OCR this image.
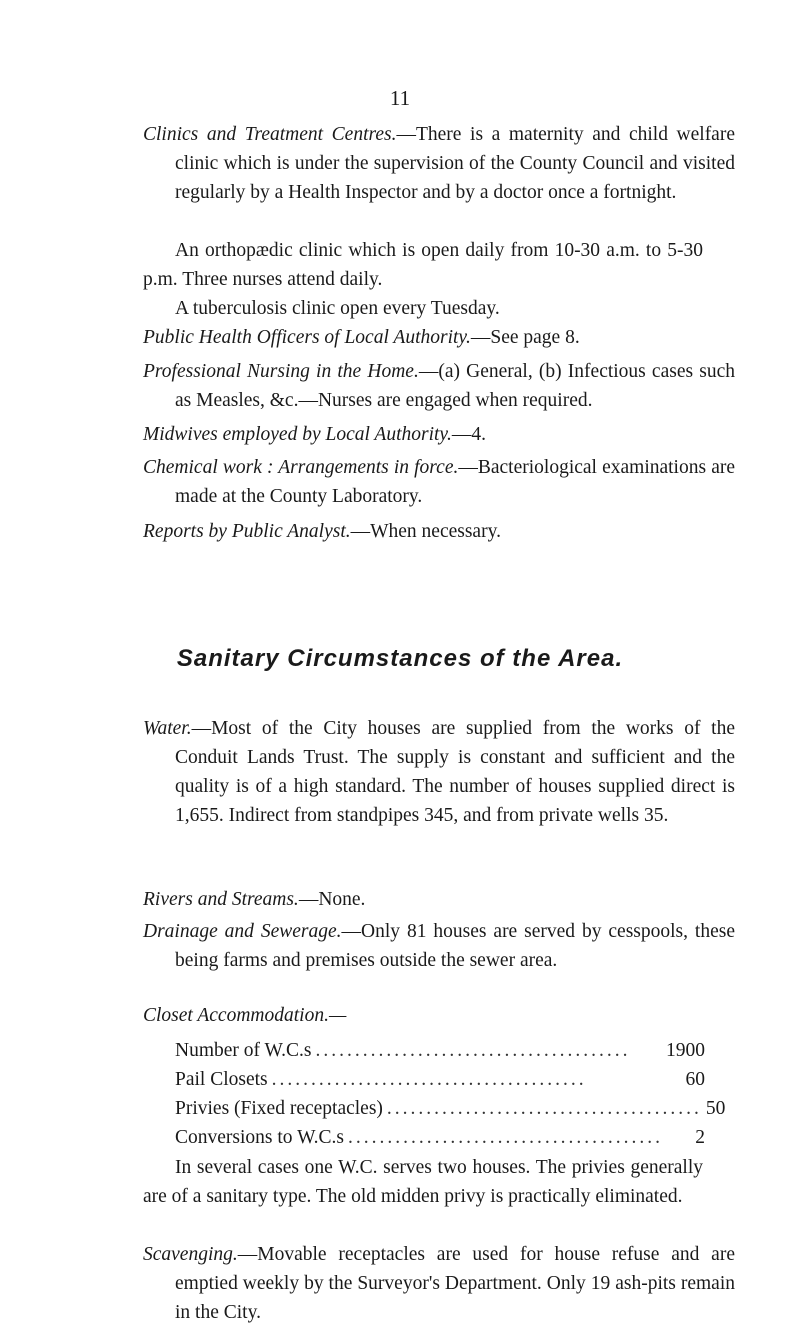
11
Clinics and Treatment Centres.—There is a maternity and child welfare clinic which is under the supervision of the County Council and visited regularly by a Health Inspector and by a doctor once a fortnight.
An orthopædic clinic which is open daily from 10-30 a.m. to 5-30 p.m. Three nurses attend daily.
A tuberculosis clinic open every Tuesday.
Public Health Officers of Local Authority.—See page 8.
Professional Nursing in the Home.—(a) General, (b) Infectious cases such as Measles, &c.—Nurses are engaged when required.
Midwives employed by Local Authority.—4.
Chemical work : Arrangements in force.—Bacteriological examinations are made at the County Laboratory.
Reports by Public Analyst.—When necessary.
Sanitary Circumstances of the Area.
Water.—Most of the City houses are supplied from the works of the Conduit Lands Trust. The supply is constant and sufficient and the quality is of a high standard. The number of houses supplied direct is 1,655. Indirect from standpipes 345, and from private wells 35.
Rivers and Streams.—None.
Drainage and Sewerage.—Only 81 houses are served by cesspools, these being farms and premises outside the sewer area.
Closet Accommodation.—
Number of W.C.s ........................................	1900
Pail Closets ........................................	60
Privies (Fixed receptacles) ........................................ 50
Conversions to W.C.s ........................................	2
In several cases one W.C. serves two houses. The privies generally are of a sanitary type. The old midden privy is practically eliminated.
Scavenging.—Movable receptacles are used for house refuse and are emptied weekly by the Surveyor's Department. Only 19 ash-pits remain in the City.
